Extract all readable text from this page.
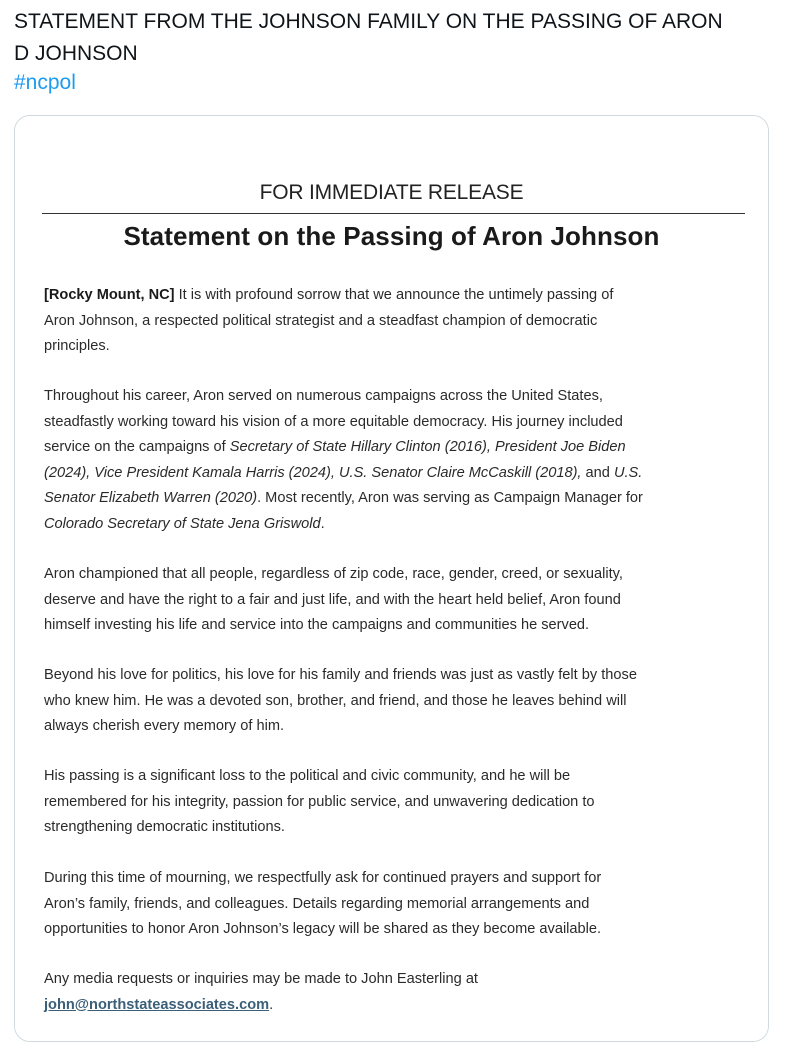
STATEMENT FROM THE JOHNSON FAMILY ON THE PASSING OF ARON
D JOHNSON
#ncpol
FOR IMMEDIATE RELEASE
Statement on the Passing of Aron Johnson
[Rocky Mount, NC] It is with profound sorrow that we announce the untimely passing of
Aron Johnson, a respected political strategist and a steadfast champion of democratic
principles.
Throughout his career, Aron served on numerous campaigns across the United States,
steadfastly working toward his vision of a more equitable democracy. His journey included
service on the campaigns of Secretary of State Hillary Clinton (2016), President Joe Biden
(2024), Vice President Kamala Harris (2024), U.S. Senator Claire McCaskill (2018), and U.S.
Senator Elizabeth Warren (2020). Most recently, Aron was serving as Campaign Manager for
Colorado Secretary of State Jena Griswold.
Aron championed that all people, regardless of zip code, race, gender, creed, or sexuality,
deserve and have the right to a fair and just life, and with the heart held belief, Aron found
himself investing his life and service into the campaigns and communities he served.
Beyond his love for politics, his love for his family and friends was just as vastly felt by those
who knew him. He was a devoted son, brother, and friend, and those he leaves behind will
always cherish every memory of him.
His passing is a significant loss to the political and civic community, and he will be
remembered for his integrity, passion for public service, and unwavering dedication to
strengthening democratic institutions.
During this time of mourning, we respectfully ask for continued prayers and support for
Aron’s family, friends, and colleagues. Details regarding memorial arrangements and
opportunities to honor Aron Johnson’s legacy will be shared as they become available.
Any media requests or inquiries may be made to John Easterling at
john@northstateassociates.com.
